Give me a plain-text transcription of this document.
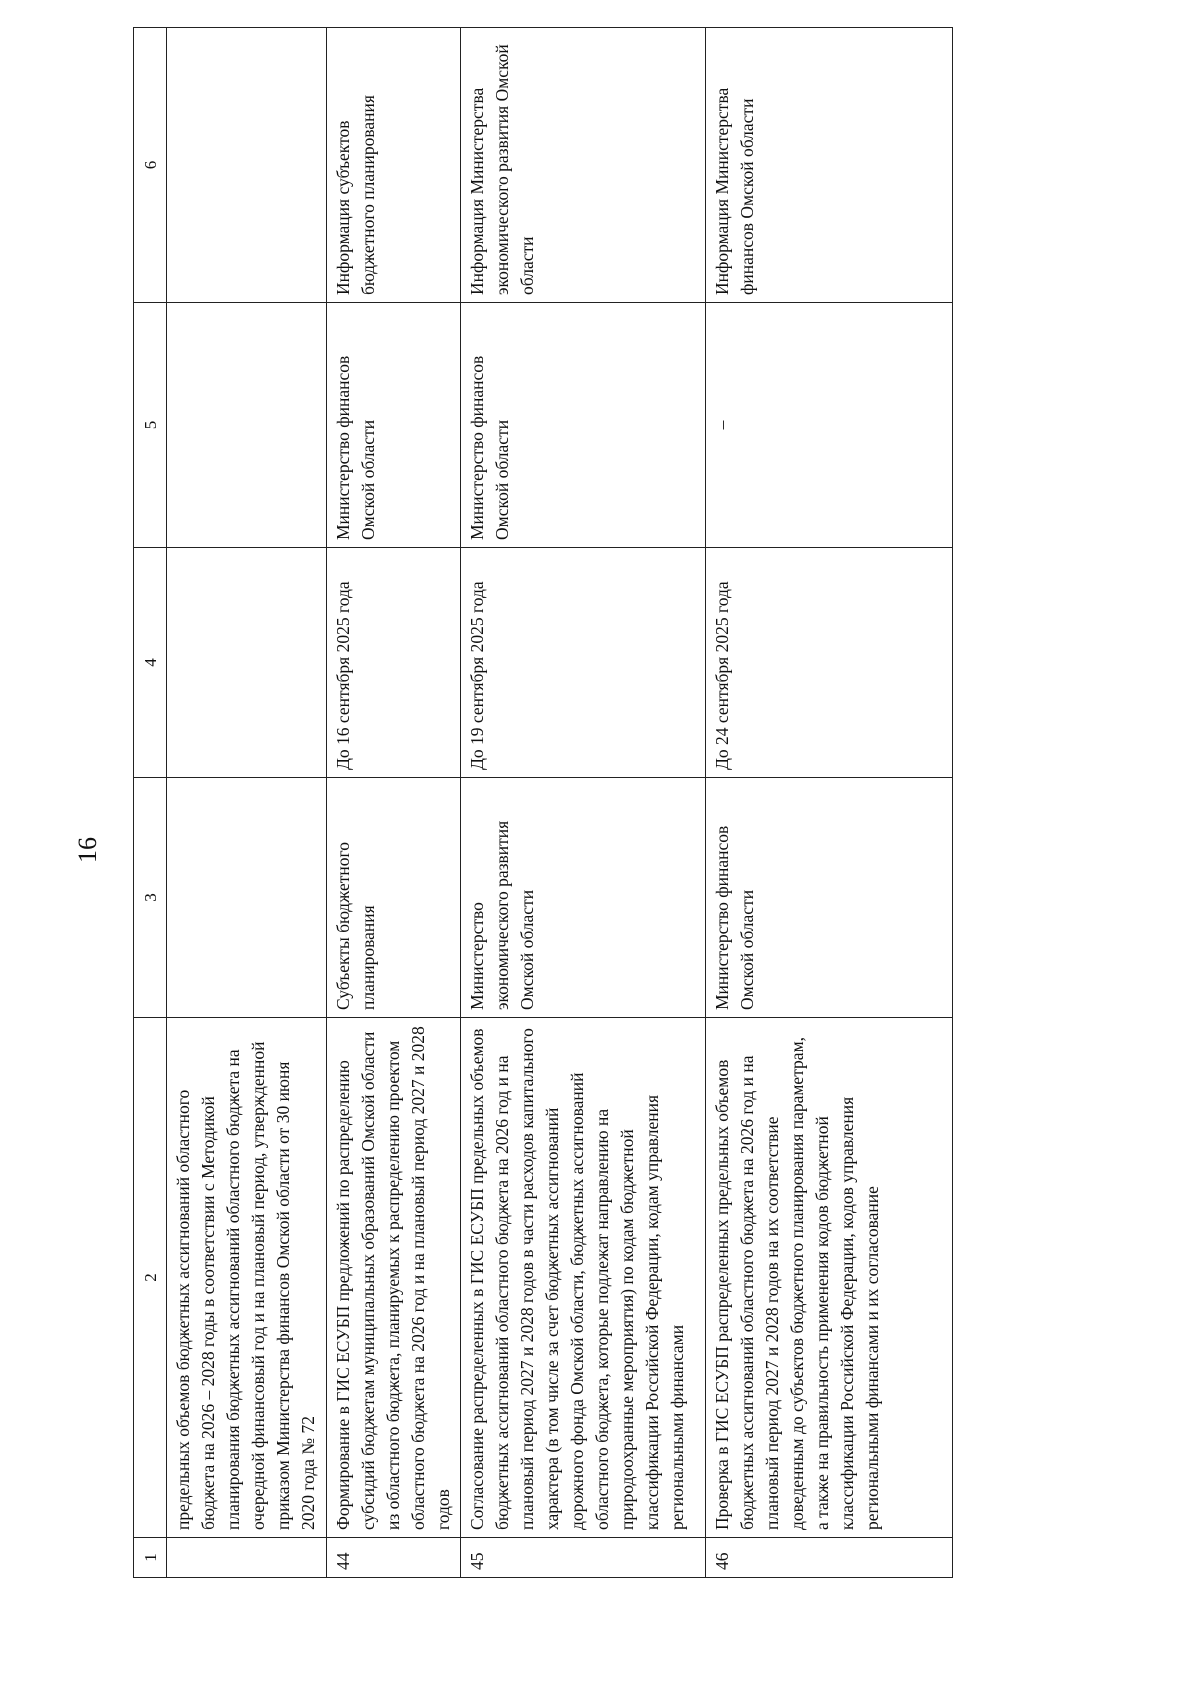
16
1	2	3	4	5	6
	предельных объемов бюджетных ассигнований областного бюджета на 2026 – 2028 годы в соответствии с Методикой планирования бюджетных ассигнований областного бюджета на очередной финансовый год и на плановый период, утвержденной приказом Министерства финансов Омской области от 30 июня 2020 года № 72				
44	Формирование в ГИС ЕСУБП предложений по распределению субсидий бюджетам муниципальных образований Омской области из областного бюджета, планируемых к распределению проектом областного бюджета на 2026 год и на плановый период 2027 и 2028 годов	Субъекты бюджетного планирования	До 16 сентября 2025 года	Министерство финансов Омской области	Информация субъектов бюджетного планирования
45	Согласование распределенных в ГИС ЕСУБП предельных объемов бюджетных ассигнований областного бюджета на 2026 год и на плановый период 2027 и 2028 годов в части расходов капитального характера (в том числе за счет бюджетных ассигнований дорожного фонда Омской области, бюджетных ассигнований областного бюджета, которые подлежат направлению на природоохранные мероприятия) по кодам бюджетной классификации Российской Федерации, кодам управления региональными финансами	Министерство экономического развития Омской области	До 19 сентября 2025 года	Министерство финансов Омской области	Информация Министерства экономического развития Омской области
46	Проверка в ГИС ЕСУБП распределенных предельных объемов бюджетных ассигнований областного бюджета на 2026 год и на плановый период 2027 и 2028 годов на их соответствие доведенным до субъектов бюджетного планирования параметрам, а также на правильность применения кодов бюджетной классификации Российской Федерации, кодов управления региональными финансами и их согласование	Министерство финансов Омской области	До 24 сентября 2025 года	–	Информация Министерства финансов Омской области
